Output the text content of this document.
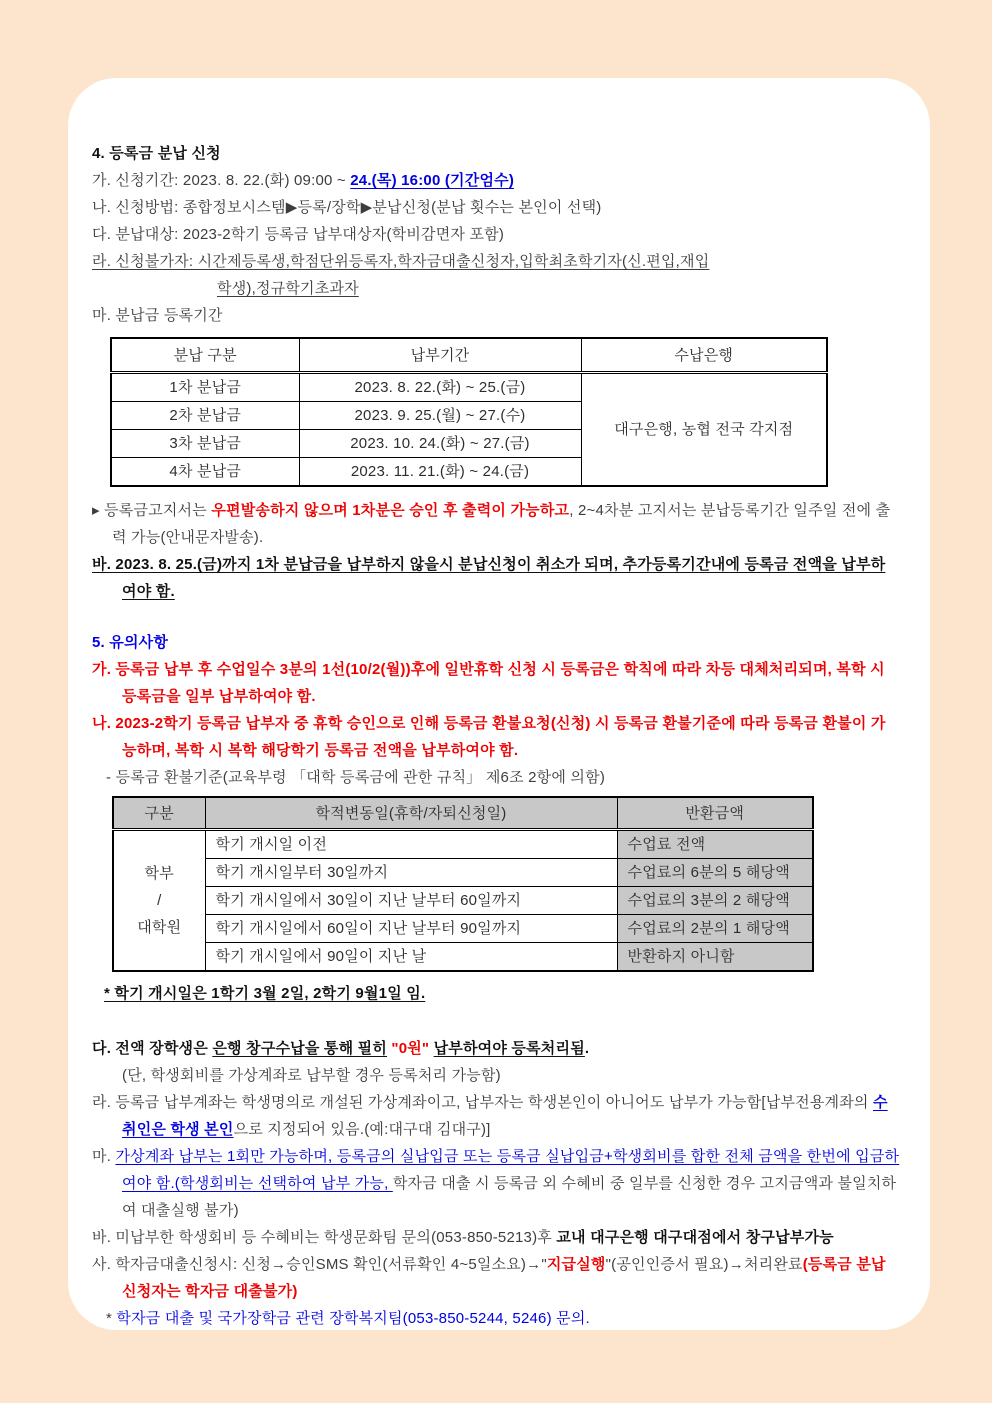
4. 등록금 분납 신청
가. 신청기간: 2023. 8. 22.(화) 09:00 ~ 24.(목) 16:00 (기간엄수)
나. 신청방법: 종합정보시스템▶등록/장학▶분납신청(분납 횟수는 본인이 선택)
다. 분납대상: 2023-2학기 등록금 납부대상자(학비감면자 포함)
라. 신청불가자: 시간제등록생,학점단위등록자,학자금대출신청자,입학최초학기자(신.편입,재입
학생),정규학기초과자
마. 분납금 등록기간
분납 구분	납부기간	수납은행
1차 분납금	2023. 8. 22.(화) ~ 25.(금)	대구은행, 농협 전국 각지점
2차 분납금	2023. 9. 25.(월) ~ 27.(수)	
3차 분납금	2023. 10. 24.(화) ~ 27.(금)	
4차 분납금	2023. 11. 21.(화) ~ 24.(금)	
▸ 등록금고지서는 우편발송하지 않으며 1차분은 승인 후 출력이 가능하고, 2~4차분 고지서는 분납등록기간 일주일 전에 출력 가능(안내문자발송).
바. 2023. 8. 25.(금)까지 1차 분납금을 납부하지 않을시 분납신청이 취소가 되며, 추가등록기간내에 등록금 전액을 납부하여야 함.
5. 유의사항
가. 등록금 납부 후 수업일수 3분의 1선(10/2(월))후에 일반휴학 신청 시 등록금은 학칙에 따라 차등 대체처리되며, 복학 시 등록금을 일부 납부하여야 함.
나. 2023-2학기 등록금 납부자 중 휴학 승인으로 인해 등록금 환불요청(신청) 시 등록금 환불기준에 따라 등록금 환불이 가능하며, 복학 시 복학 해당학기 등록금 전액을 납부하여야 함.
- 등록금 환불기준(교육부령 「대학 등록금에 관한 규칙」 제6조 2항에 의함)
구분	학적변동일(휴학/자퇴신청일)	반환금액

학부
/
대학원	학기 개시일 이전	수업료 전액
	학기 개시일부터 30일까지	수업료의 6분의 5 해당액
	학기 개시일에서 30일이 지난 날부터 60일까지	수업료의 3분의 2 해당액
	학기 개시일에서 60일이 지난 날부터 90일까지	수업료의 2분의 1 해당액
	학기 개시일에서 90일이 지난 날	반환하지 아니함
* 학기 개시일은 1학기 3월 2일, 2학기 9월1일 임.
다. 전액 장학생은 은행 창구수납을 통해 필히 "0원" 납부하여야 등록처리됨.
(단, 학생회비를 가상계좌로 납부할 경우 등록처리 가능함)
라. 등록금 납부계좌는 학생명의로 개설된 가상계좌이고, 납부자는 학생본인이 아니어도 납부가 가능함[납부전용계좌의 수취인은 학생 본인으로 지정되어 있음.(예:대구대 김대구)]
마. 가상계좌 납부는 1회만 가능하며, 등록금의 실납입금 또는 등록금 실납입금+학생회비를 합한 전체 금액을 한번에 입금하여야 함.(학생회비는 선택하여 납부 가능, 학자금 대출 시 등록금 외 수혜비 중 일부를 신청한 경우 고지금액과 불일치하여 대출실행 불가)
바. 미납부한 학생회비 등 수혜비는 학생문화팀 문의(053-850-5213)후 교내 대구은행 대구대점에서 창구납부가능
사. 학자금대출신청시: 신청→승인SMS 확인(서류확인 4~5일소요)→"지급실행"(공인인증서 필요)→처리완료(등록금 분납신청자는 학자금 대출불가)
* 학자금 대출 및 국가장학금 관련 장학복지팀(053-850-5244, 5246) 문의.
